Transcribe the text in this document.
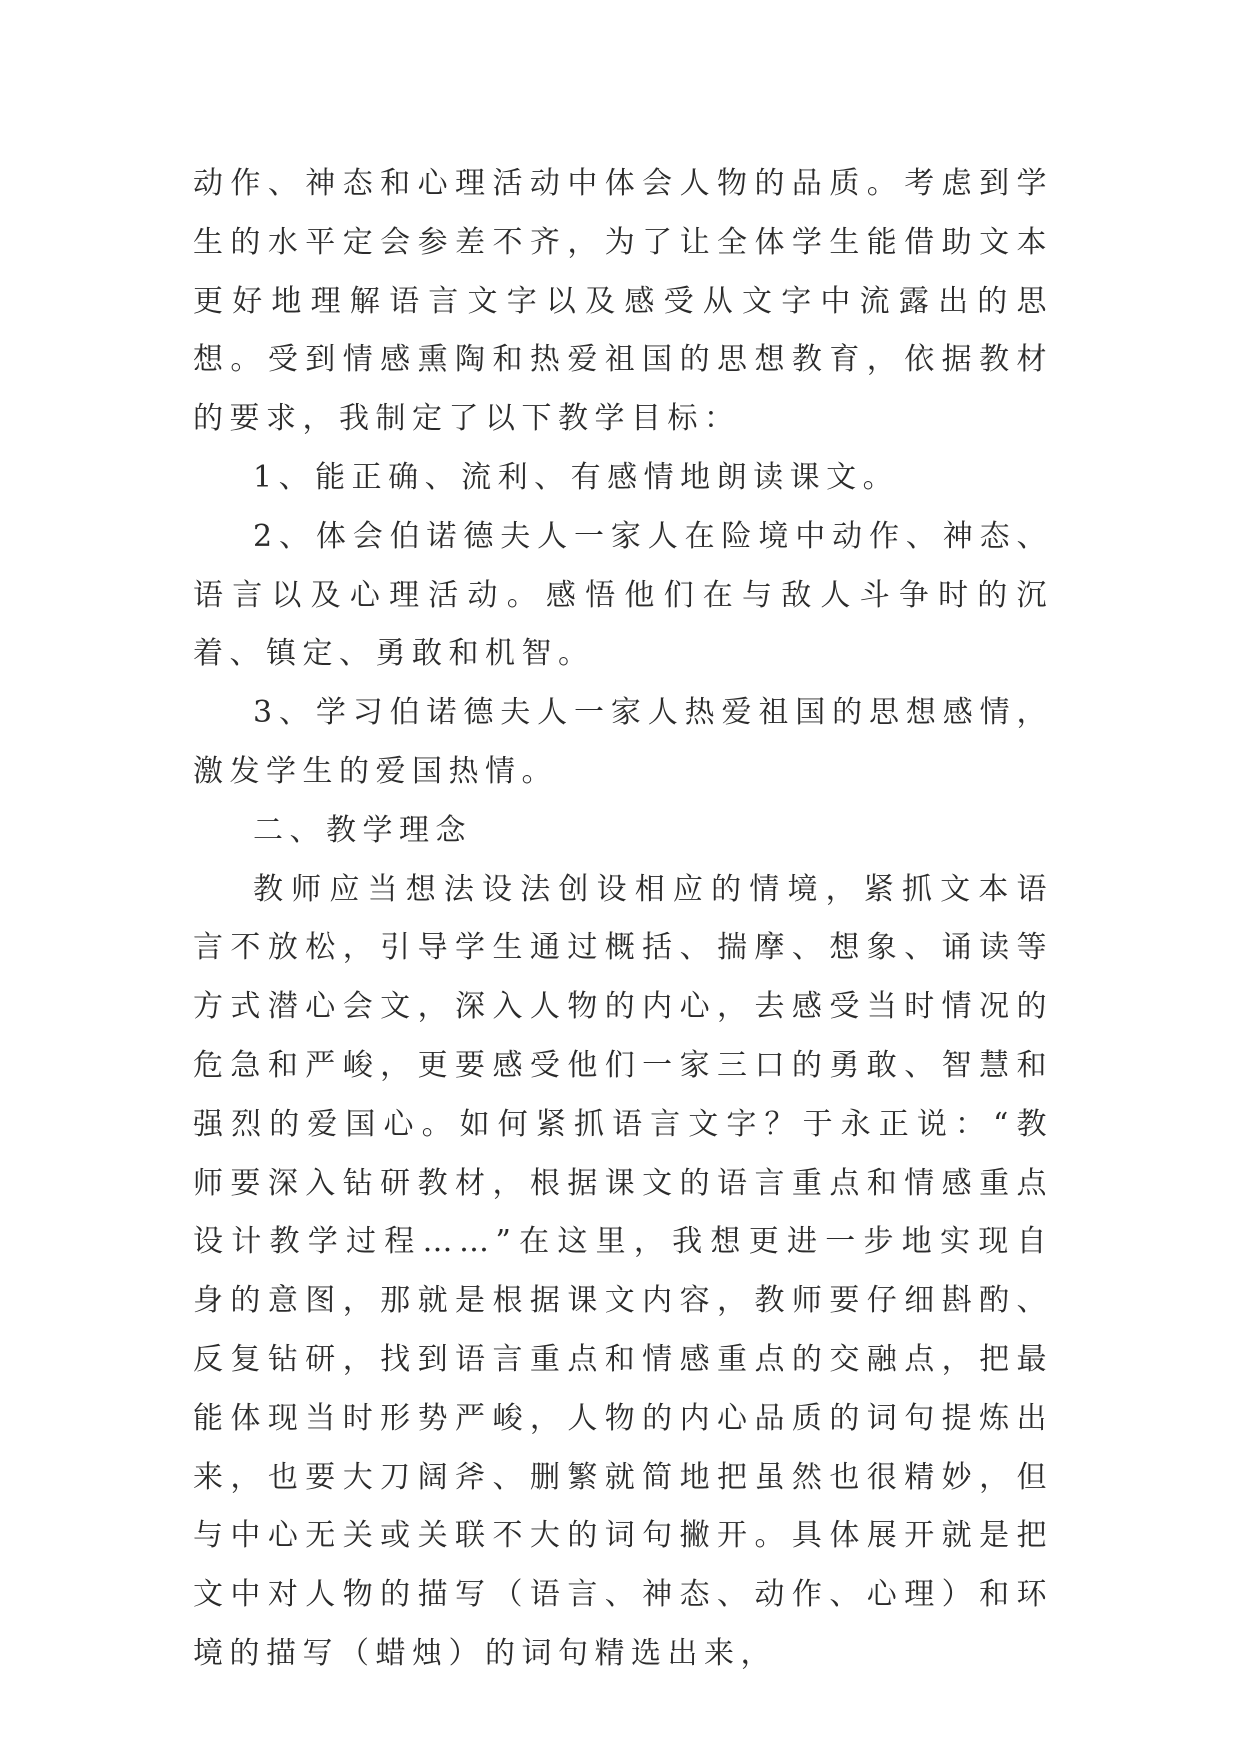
动作、神态和心理活动中体会人物的品质。考虑到学生的水平定会参差不齐，为了让全体学生能借助文本更好地理解语言文字以及感受从文字中流露出的思想。受到情感熏陶和热爱祖国的思想教育，依据教材的要求，我制定了以下教学目标：

1、能正确、流利、有感情地朗读课文。

2、体会伯诺德夫人一家人在险境中动作、神态、语言以及心理活动。感悟他们在与敌人斗争时的沉着、镇定、勇敢和机智。

3、学习伯诺德夫人一家人热爱祖国的思想感情，激发学生的爱国热情。

二、教学理念

教师应当想法设法创设相应的情境，紧抓文本语言不放松，引导学生通过概括、揣摩、想象、诵读等方式潜心会文，深入人物的内心，去感受当时情况的危急和严峻，更要感受他们一家三口的勇敢、智慧和强烈的爱国心。如何紧抓语言文字？于永正说：“教师要深入钻研教材，根据课文的语言重点和情感重点设计教学过程……”在这里，我想更进一步地实现自身的意图，那就是根据课文内容，教师要仔细斟酌、反复钻研，找到语言重点和情感重点的交融点，把最能体现当时形势严峻，人物的内心品质的词句提炼出来，也要大刀阔斧、删繁就简地把虽然也很精妙，但与中心无关或关联不大的词句撇开。具体展开就是把文中对人物的描写（语言、神态、动作、心理）和环境的描写（蜡烛）的词句精选出来，
